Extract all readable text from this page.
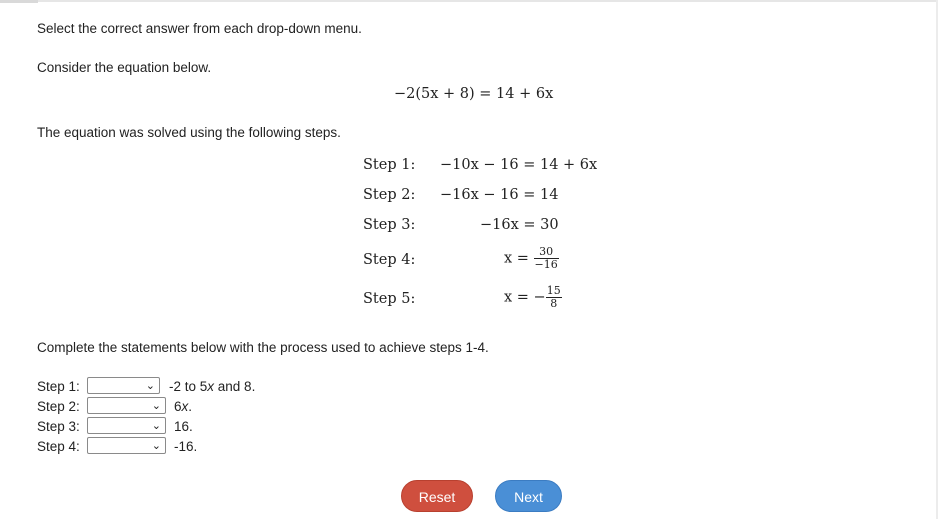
Select the correct answer from each drop-down menu.
Consider the equation below.
−2(5x + 8) = 14 + 6x
The equation was solved using the following steps.
Step 1: −10x − 16 = 14 + 6x
Step 2: −16x − 16 = 14
Step 3:	−16x = 30
Step 4:	$x = \frac{30}{-16}$
Step 5:	x = − $\frac{15}{8}$
Complete the statements below with the process used to achieve steps 1-4.
Step 1:	⌄ -2 to 5x and 8.
Step 2:	⌄ 6x.
Step 3:	⌄ 16.
Step 4:	⌄ -16.
Reset	Next
